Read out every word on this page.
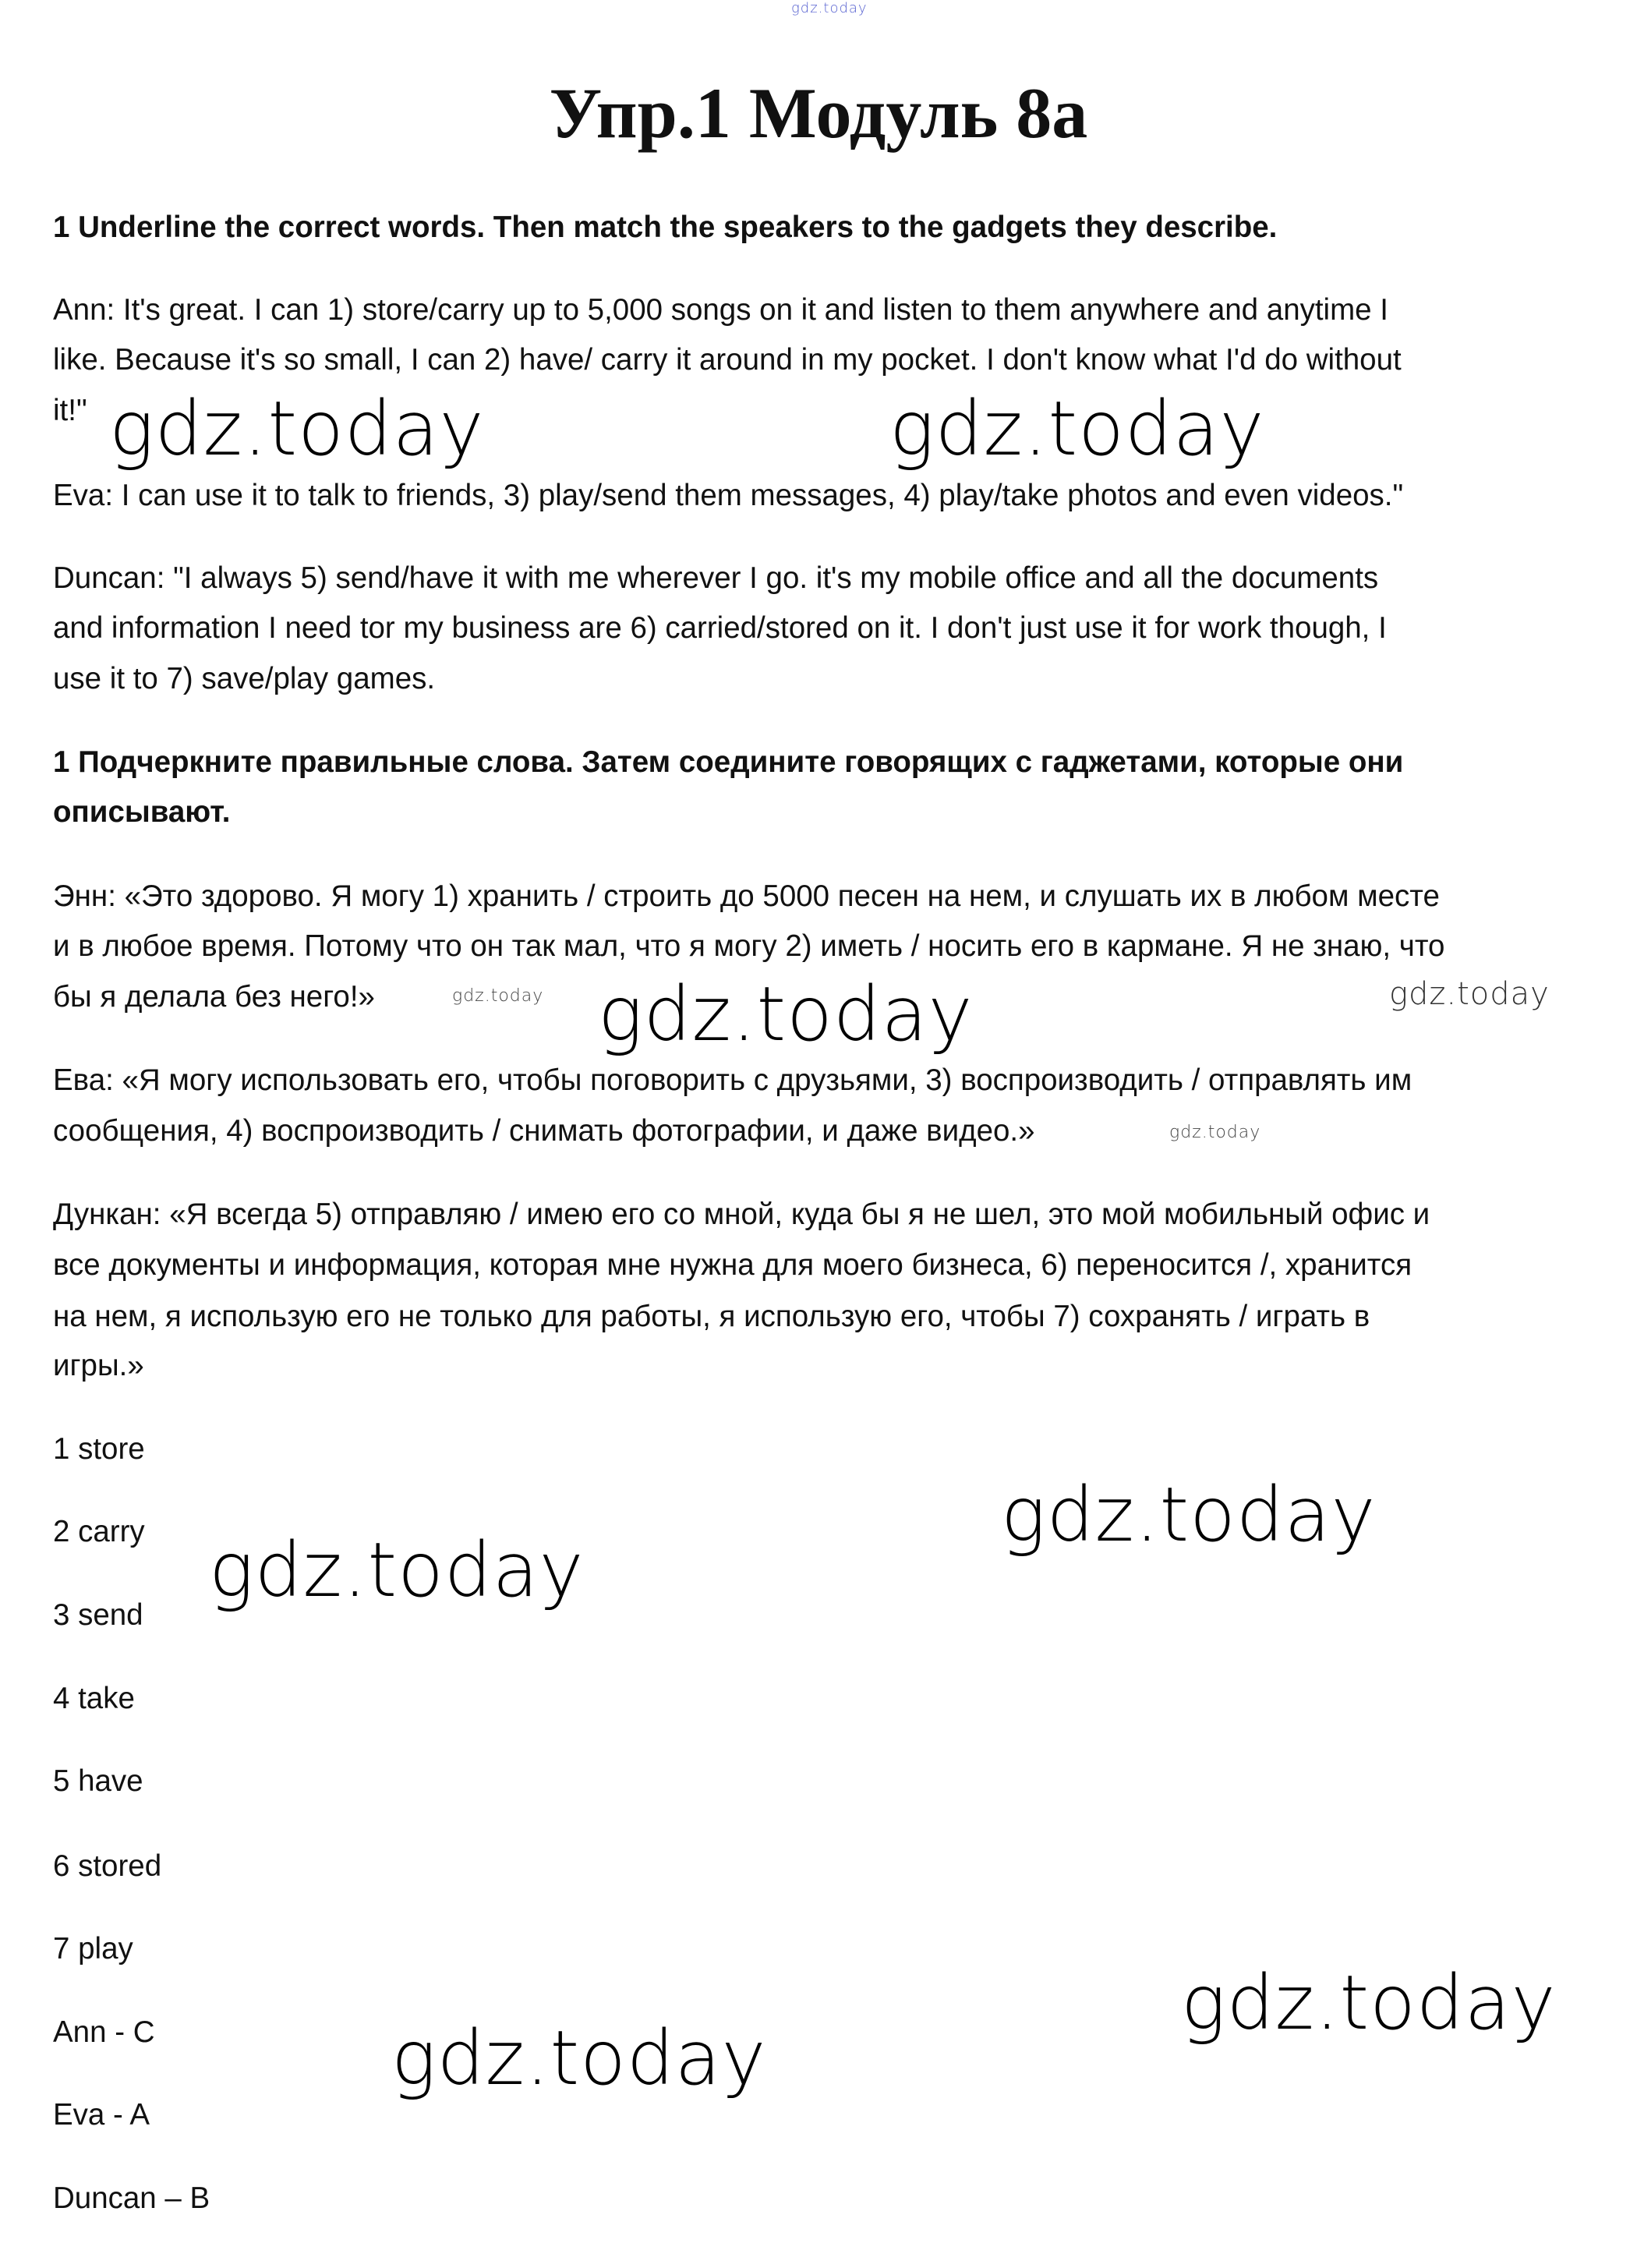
gdz.today
Упр.1 Модуль 8а
1 Underline the correct words. Then match the speakers to the gadgets they describe.
Ann: It's great. I can 1) store/carry up to 5,000 songs on it and listen to them anywhere and anytime I
like. Because it's so small, I can 2) have/ carry it around in my pocket. I don't know what I'd do without
it!"
Eva: I can use it to talk to friends, 3) play/send them messages, 4) play/take photos and even videos."
Duncan: "I always 5) send/have it with me wherever I go. it's my mobile office and all the documents
and information I need tor my business are 6) carried/stored on it. I don't just use it for work though, I
use it to 7) save/play games.
1 Подчеркните правильные слова. Затем соедините говорящих с гаджетами, которые они
описывают.
Энн: «Это здорово. Я могу 1) хранить / строить до 5000 песен на нем, и слушать их в любом месте
и в любое время. Потому что он так мал, что я могу 2) иметь / носить его в кармане. Я не знаю, что
бы я делала без него!»
Ева: «Я могу использовать его, чтобы поговорить с друзьями, 3) воспроизводить / отправлять им
сообщения, 4) воспроизводить / снимать фотографии, и даже видео.»
Дункан: «Я всегда 5) отправляю / имею его со мной, куда бы я не шел, это мой мобильный офис и
все документы и информация, которая мне нужна для моего бизнеса, 6) переносится /, хранится
на нем, я использую его не только для работы, я использую его, чтобы 7) сохранять / играть в
игры.»
1 store
2 carry
3 send
4 take
5 have
6 stored
7 play
Ann - C
Eva - A
Duncan – B
gdz.today	gdz.today
gdz.today
gdz.today
gdz.today
gdz.today
gdz.today
gdz.today
gdz.today
gdz.today
